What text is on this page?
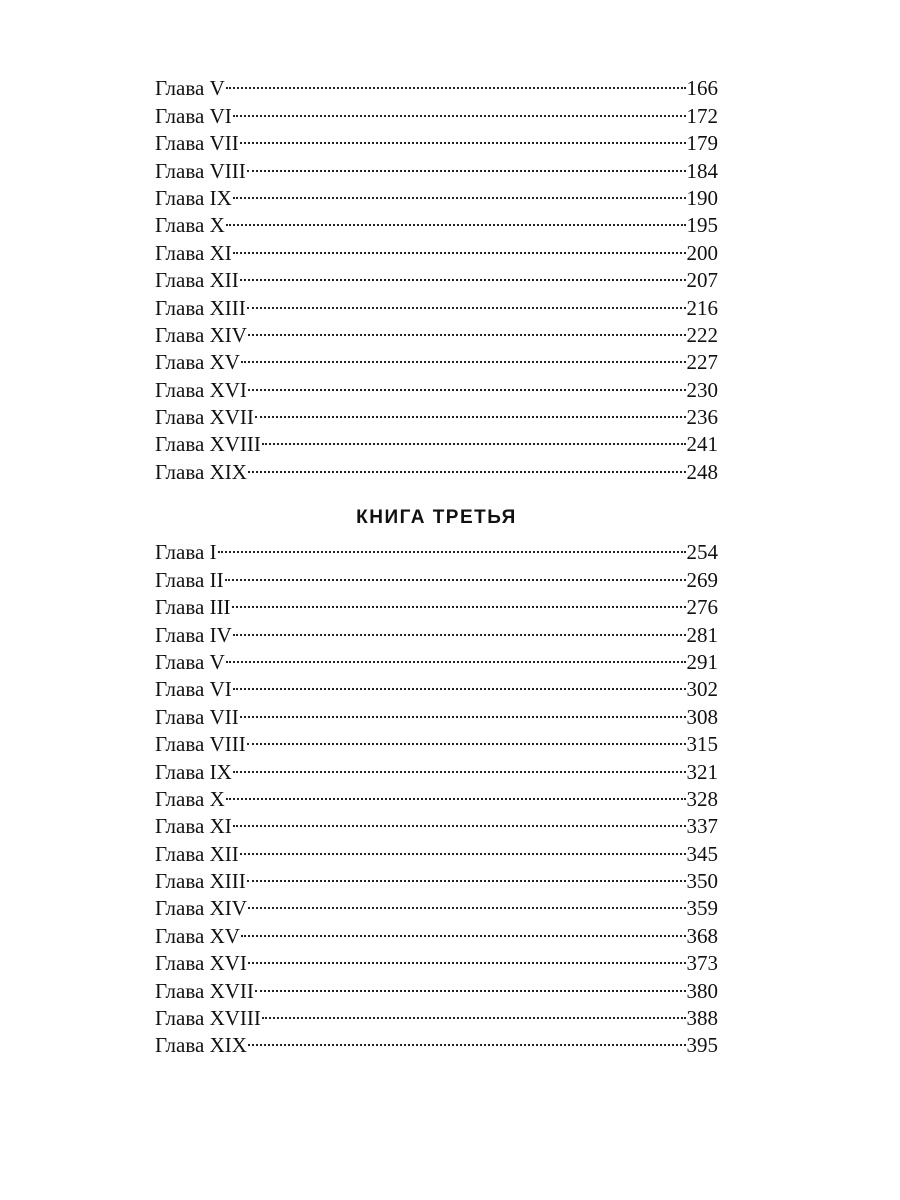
Глава V	166
Глава VI	172
Глава VII	179
Глава VIII	184
Глава IX	190
Глава X	195
Глава XI	200
Глава XII	207
Глава XIII	216
Глава XIV	222
Глава XV	227
Глава XVI	230
Глава XVII	236
Глава XVIII	241
Глава XIX	248
КНИГА ТРЕТЬЯ
Глава I	254
Глава II	269
Глава III	276
Глава IV	281
Глава V	291
Глава VI	302
Глава VII	308
Глава VIII	315
Глава IX	321
Глава X	328
Глава XI	337
Глава XII	345
Глава XIII	350
Глава XIV	359
Глава XV	368
Глава XVI	373
Глава XVII	380
Глава XVIII	388
Глава XIX	395
